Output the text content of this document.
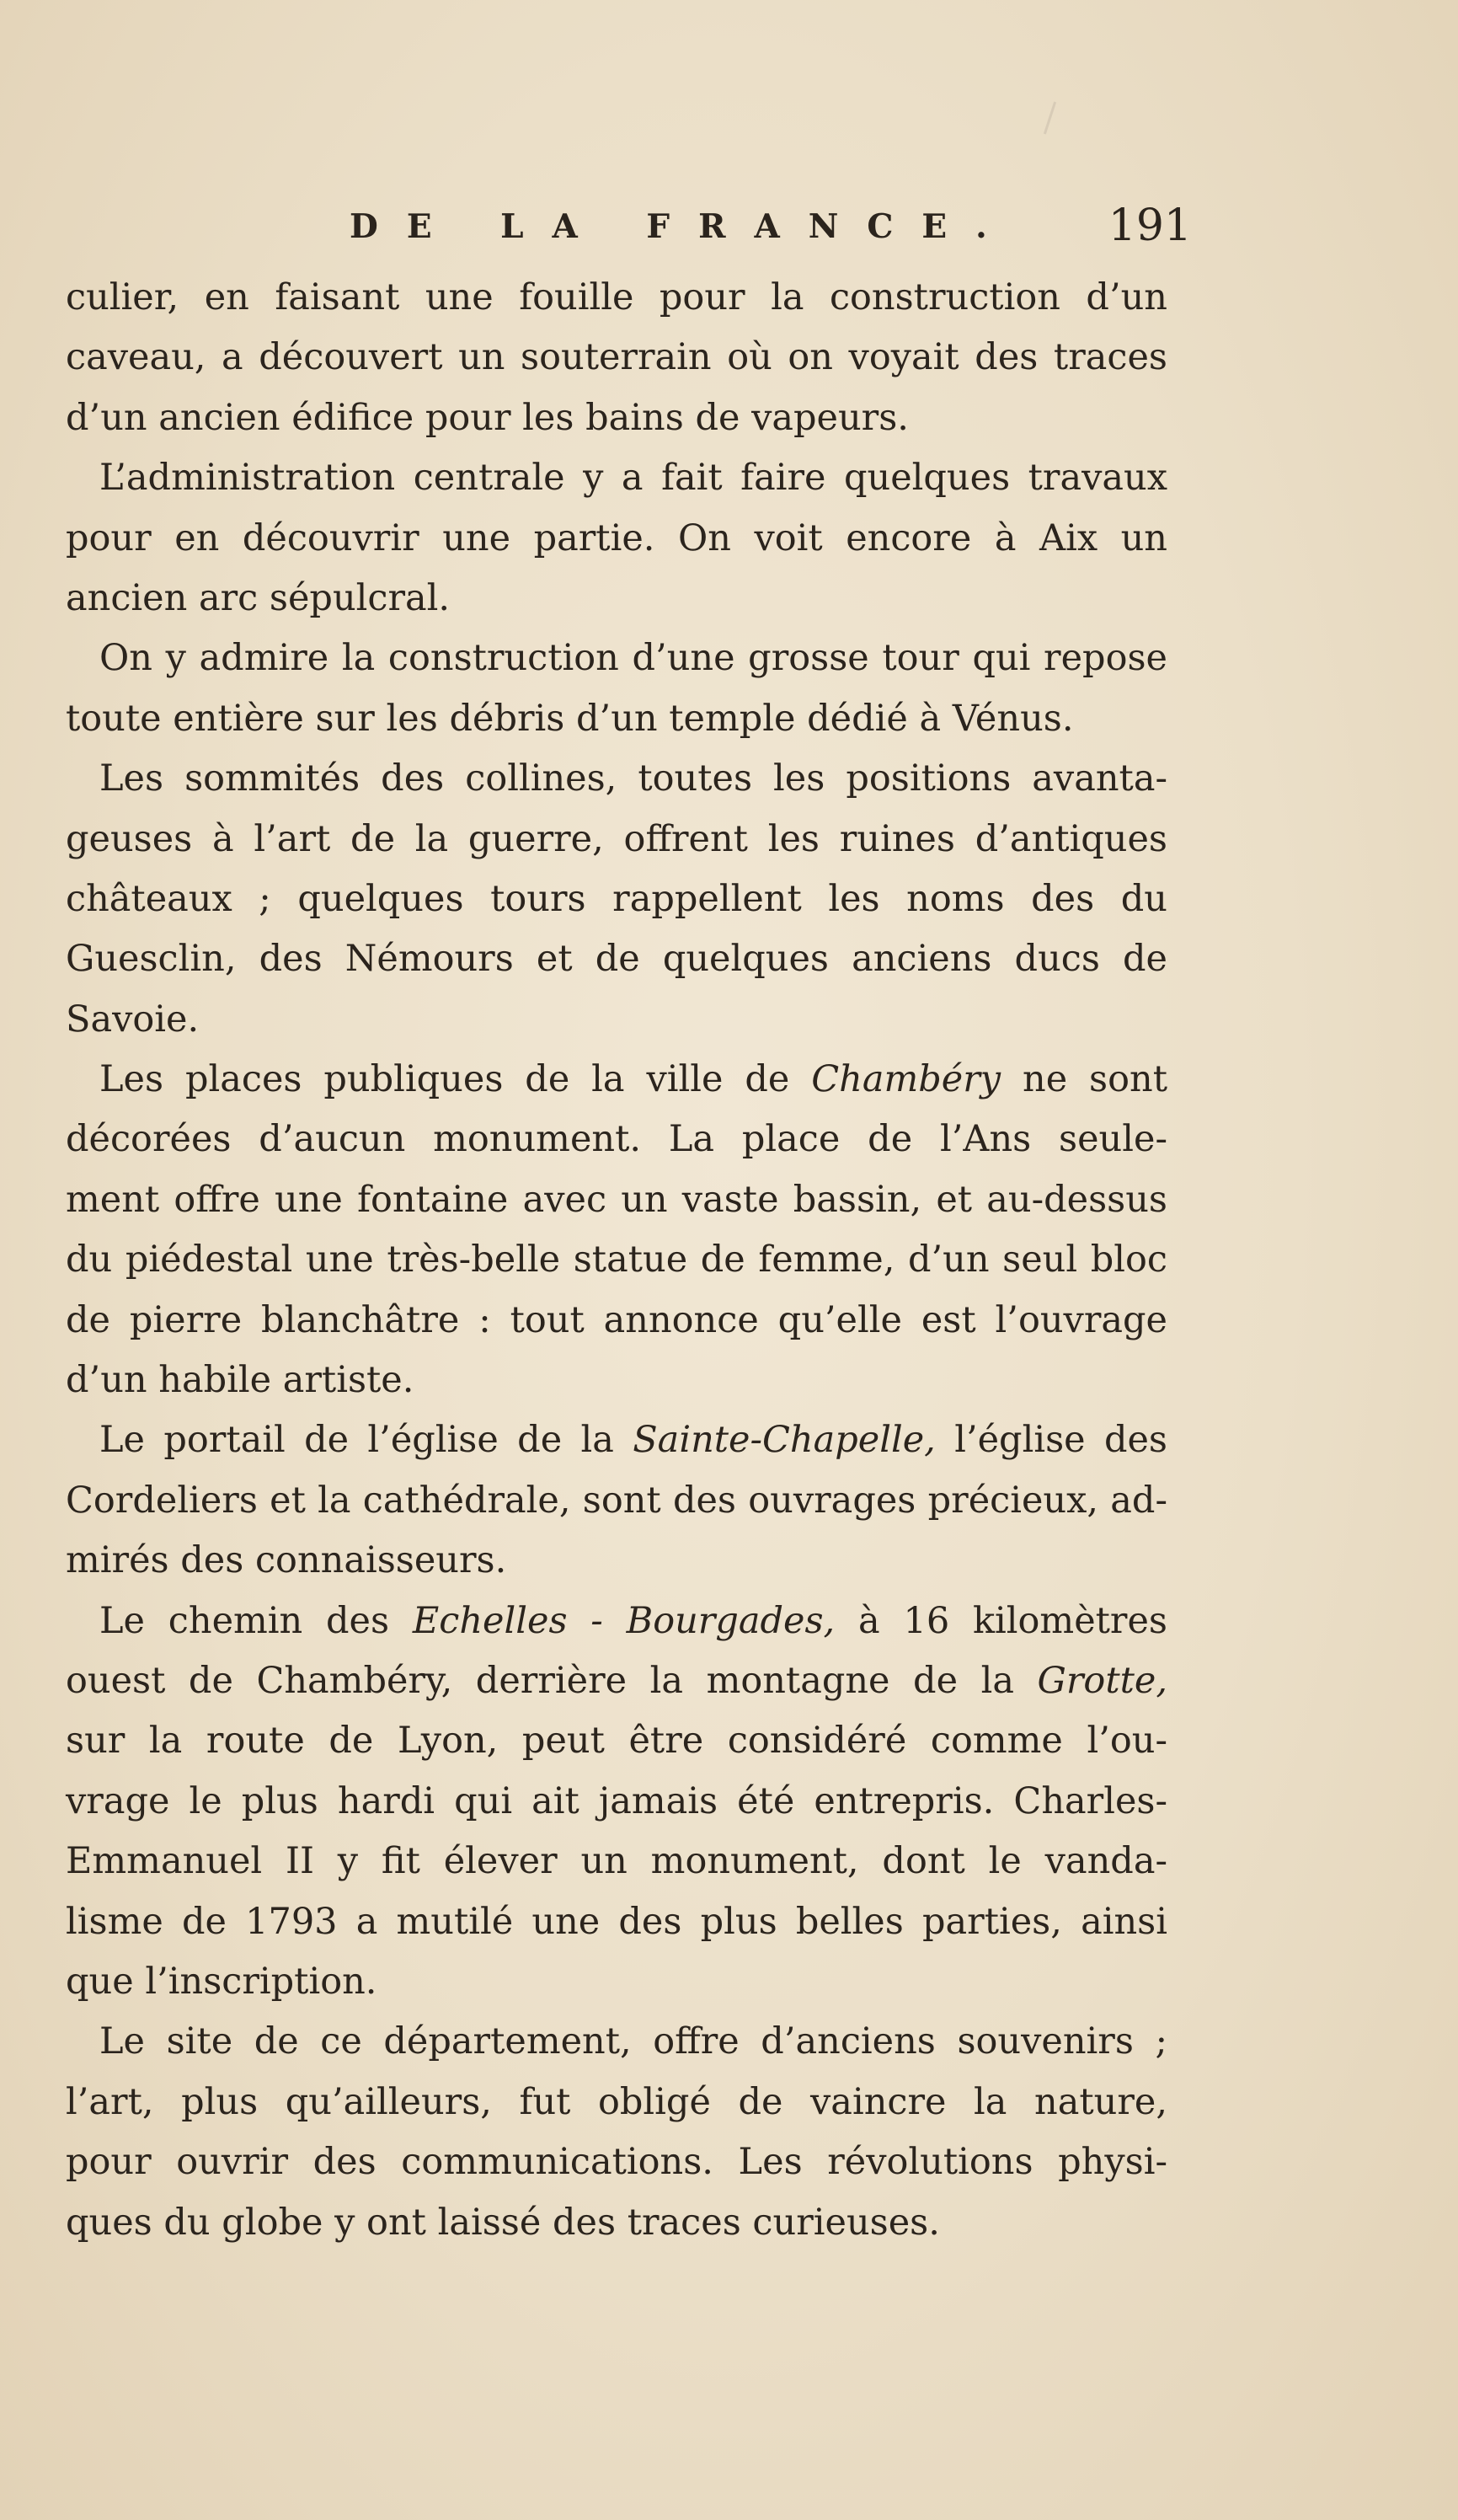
DE LA FRANCE. 191
culier, en faisant une fouille pour la construction d’un
caveau, a découvert un souterrain où on voyait des traces
d’un ancien édifice pour les bains de vapeurs.
L’administration centrale y a fait faire quelques travaux
pour en découvrir une partie. On voit encore à Aix un
ancien arc sépulcral.
On y admire la construction d’une grosse tour qui repose
toute entière sur les débris d’un temple dédié à Vénus.
Les sommités des collines, toutes les positions avanta-
geuses à l’art de la guerre, offrent les ruines d’antiques
châteaux ; quelques tours rappellent les noms des du
Guesclin, des Némours et de quelques anciens ducs de
Savoie.
Les places publiques de la ville de Chambéry ne sont
décorées d’aucun monument. La place de l’Ans seule-
ment offre une fontaine avec un vaste bassin, et au-dessus
du piédestal une très-belle statue de femme, d’un seul bloc
de pierre blanchâtre : tout annonce qu’elle est l’ouvrage
d’un habile artiste.
Le portail de l’église de la Sainte-Chapelle, l’église des
Cordeliers et la cathédrale, sont des ouvrages précieux, ad-
mirés des connaisseurs.
Le chemin des Echelles - Bourgades, à 16 kilomètres
ouest de Chambéry, derrière la montagne de la Grotte,
sur la route de Lyon, peut être considéré comme l’ou-
vrage le plus hardi qui ait jamais été entrepris. Charles-
Emmanuel II y fit élever un monument, dont le vanda-
lisme de 1793 a mutilé une des plus belles parties, ainsi
que l’inscription.
Le site de ce département, offre d’anciens souvenirs ;
l’art, plus qu’ailleurs, fut obligé de vaincre la nature,
pour ouvrir des communications. Les révolutions physi-
ques du globe y ont laissé des traces curieuses.
